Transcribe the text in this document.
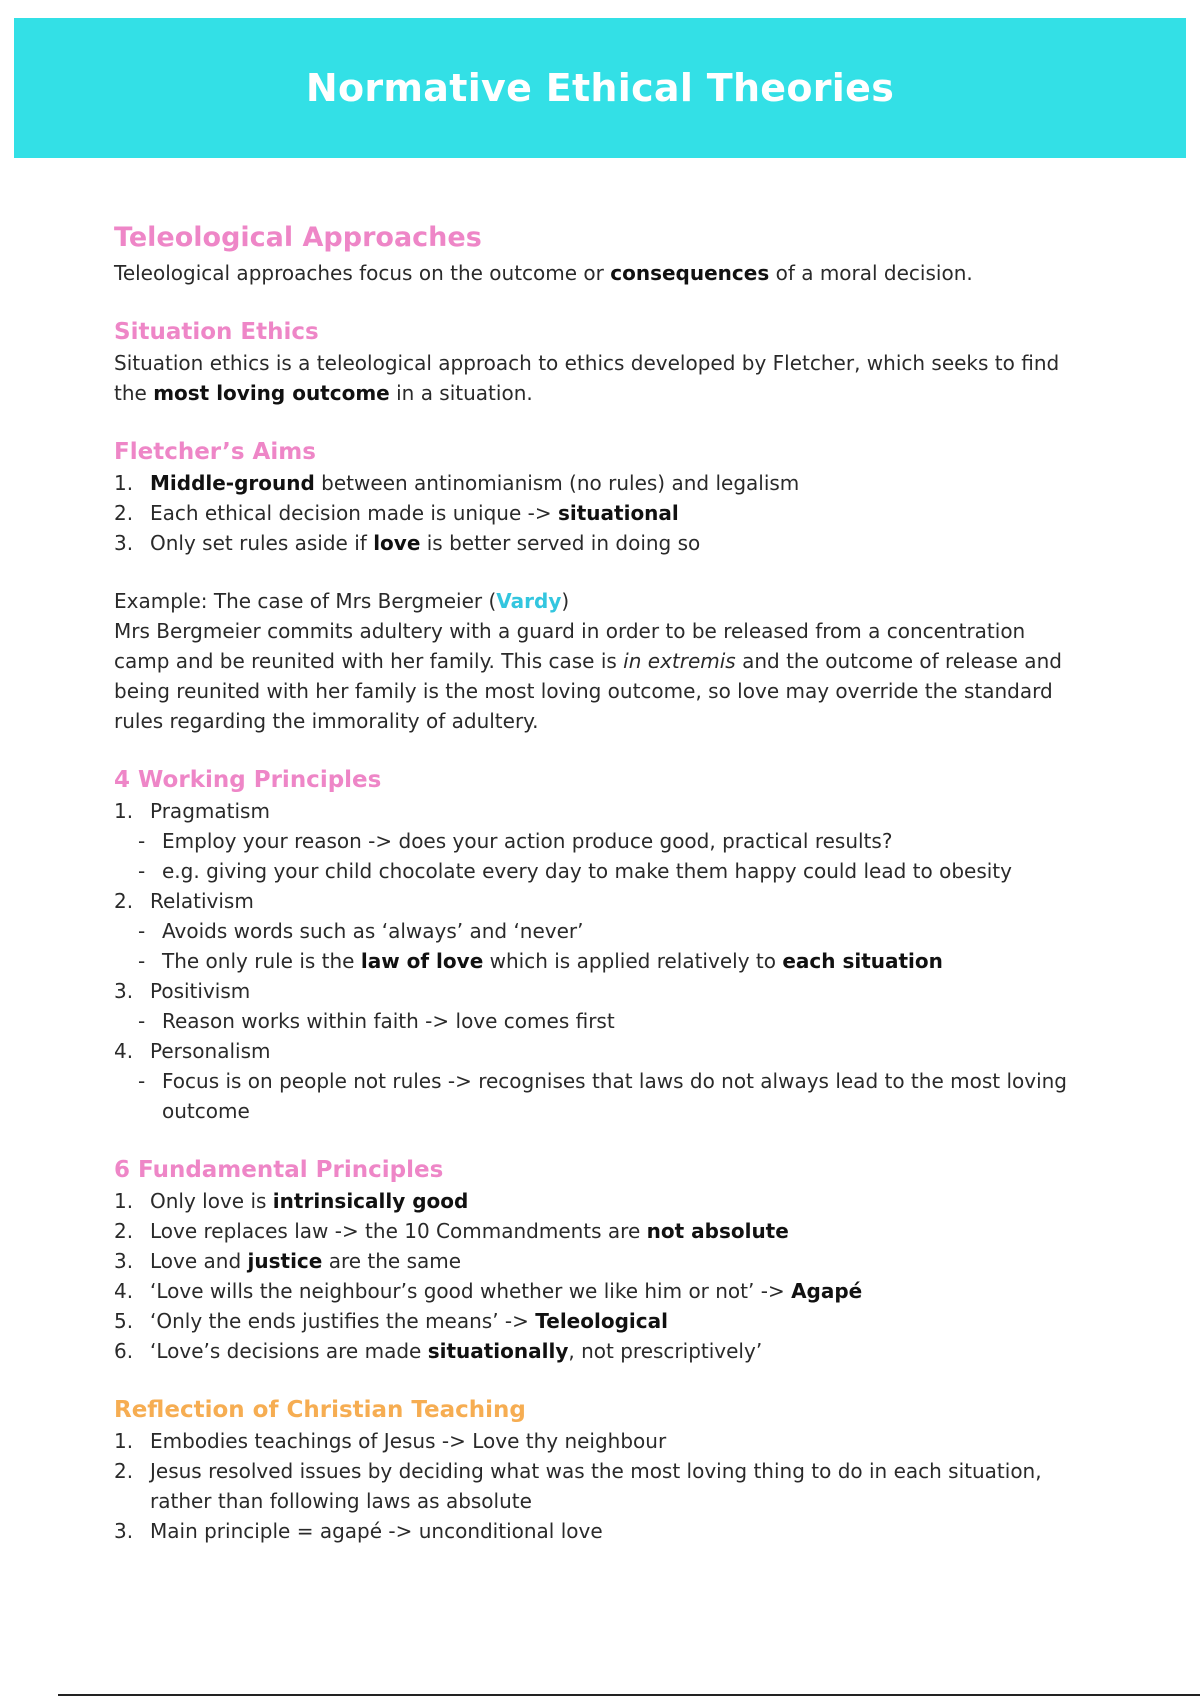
Normative Ethical Theories
Teleological Approaches

Teleological approaches focus on the outcome or consequences of a moral decision.

Situation Ethics

Situation ethics is a teleological approach to ethics developed by Fletcher, which seeks to find the most loving outcome in a situation.

Fletcher’s Aims
1. Middle-ground between antinomianism (no rules) and legalism
2. Each ethical decision made is unique -> situational
3. Only set rules aside if love is better served in doing so

Example: The case of Mrs Bergmeier (Vardy)

Mrs Bergmeier commits adultery with a guard in order to be released from a concentration camp and be reunited with her family. This case is in extremis and the outcome of release and being reunited with her family is the most loving outcome, so love may override the standard rules regarding the immorality of adultery.

4 Working Principles
1. Pragmatism
- Employ your reason -> does your action produce good, practical results?
- e.g. giving your child chocolate every day to make them happy could lead to obesity
2. Relativism
- Avoids words such as ‘always’ and ‘never’
- The only rule is the law of love which is applied relatively to each situation
3. Positivism
- Reason works within faith -> love comes first
4. Personalism
- Focus is on people not rules -> recognises that laws do not always lead to the most loving outcome
6 Fundamental Principles
1. Only love is intrinsically good
2. Love replaces law -> the 10 Commandments are not absolute
3. Love and justice are the same
4. ‘Love wills the neighbour’s good whether we like him or not’ -> Agapé
5. ‘Only the ends justifies the means’ -> Teleological
6. ‘Love’s decisions are made situationally, not prescriptively’
Reflection of Christian Teaching
1. Embodies teachings of Jesus -> Love thy neighbour
2. Jesus resolved issues by deciding what was the most loving thing to do in each situation, rather than following laws as absolute
3. Main principle = agapé -> unconditional love
